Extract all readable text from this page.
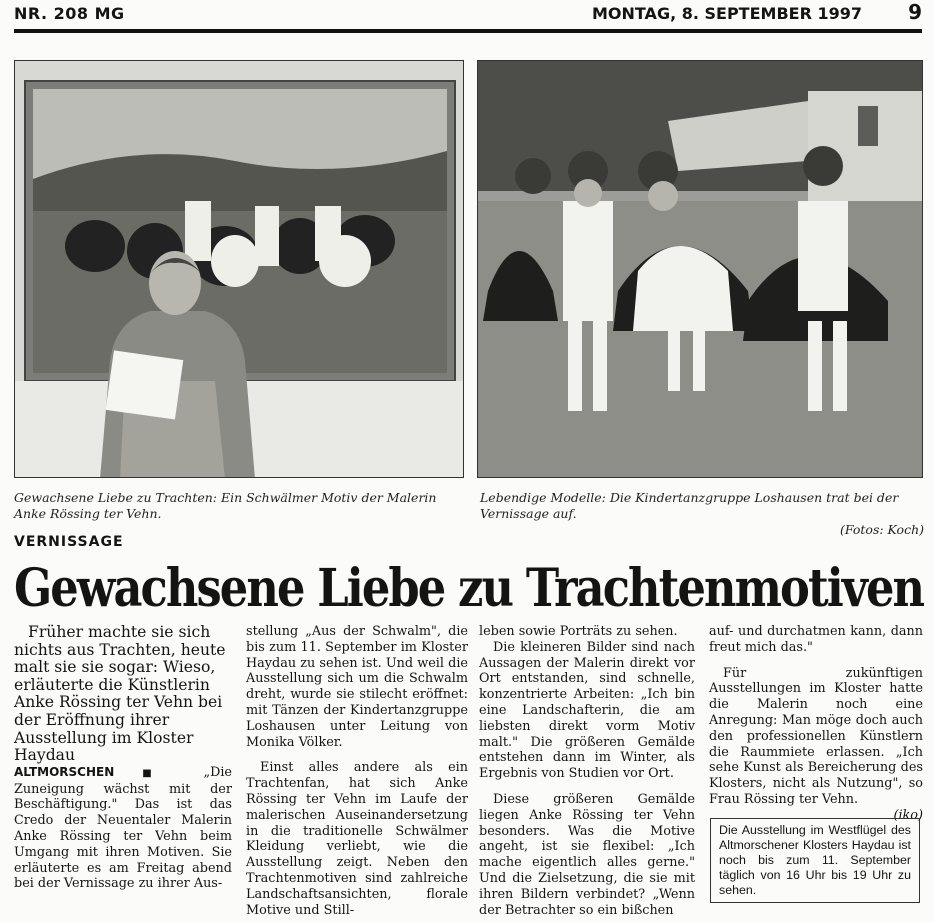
NR. 208 MG	MONTAG, 8. SEPTEMBER 1997 9
Gewachsene Liebe zu Trachten: Ein Schwälmer Motiv der Malerin Anke Rössing ter Vehn.
Lebendige Modelle: Die Kindertanzgruppe Loshausen trat bei der Vernissage auf.
(Fotos: Koch)
VERNISSAGE
Gewachsene Liebe zu Trachtenmotiven

Früher machte sie sich nichts aus Trachten, heute malt sie sie sogar: Wieso, erläuterte die Künstlerin Anke Rössing ter Vehn bei der Eröffnung ihrer Ausstellung im Kloster Haydau

ALTMORSCHEN	■ „Die Zuneigung wächst mit der Beschäftigung." Das ist das Credo der Neuentaler Malerin Anke Rössing ter Vehn beim Umgang mit ihren Motiven. Sie erläuterte es am Freitag abend bei der Vernissage zu ihrer Aus-

stellung „Aus der Schwalm", die bis zum 11. September im Kloster Haydau zu sehen ist. Und weil die Ausstellung sich um die Schwalm dreht, wurde sie stilecht eröffnet: mit Tänzen der Kindertanzgruppe Loshausen unter Leitung von Monika Völker.

Einst alles andere als ein Trachtenfan, hat sich Anke Rössing ter Vehn im Laufe der malerischen Auseinandersetzung in die traditionelle Schwälmer Kleidung verliebt, wie die Ausstellung zeigt. Neben den Trachtenmotiven sind zahlreiche Landschaftsansichten, florale Motive und Still-

leben sowie Porträts zu sehen.

Die kleineren Bilder sind nach Aussagen der Malerin direkt vor Ort entstanden, sind schnelle, konzentrierte Arbeiten: „Ich bin eine Landschafterin, die am liebsten direkt vorm Motiv malt." Die größeren Gemälde entstehen dann im Winter, als Ergebnis von Studien vor Ort.

Diese größeren Gemälde liegen Anke Rössing ter Vehn besonders. Was die Motive angeht, ist sie flexibel: „Ich mache eigentlich alles gerne." Und die Zielsetzung, die sie mit ihren Bildern verbindet? „Wenn der Betrachter so ein bißchen

auf- und durchatmen kann, dann freut mich das."

Für zukünftigen Ausstellungen im Kloster hatte die Malerin noch eine Anregung: Man möge doch auch den professionellen Künstlern die Raummiete erlassen. „Ich sehe Kunst als Bereicherung des Klosters, nicht als Nutzung", so Frau Rössing ter Vehn.

(iko)

Die Ausstellung im Westflügel des Altmorschener Klosters Haydau ist noch bis zum 11. September täglich von 16 Uhr bis 19 Uhr zu sehen.
